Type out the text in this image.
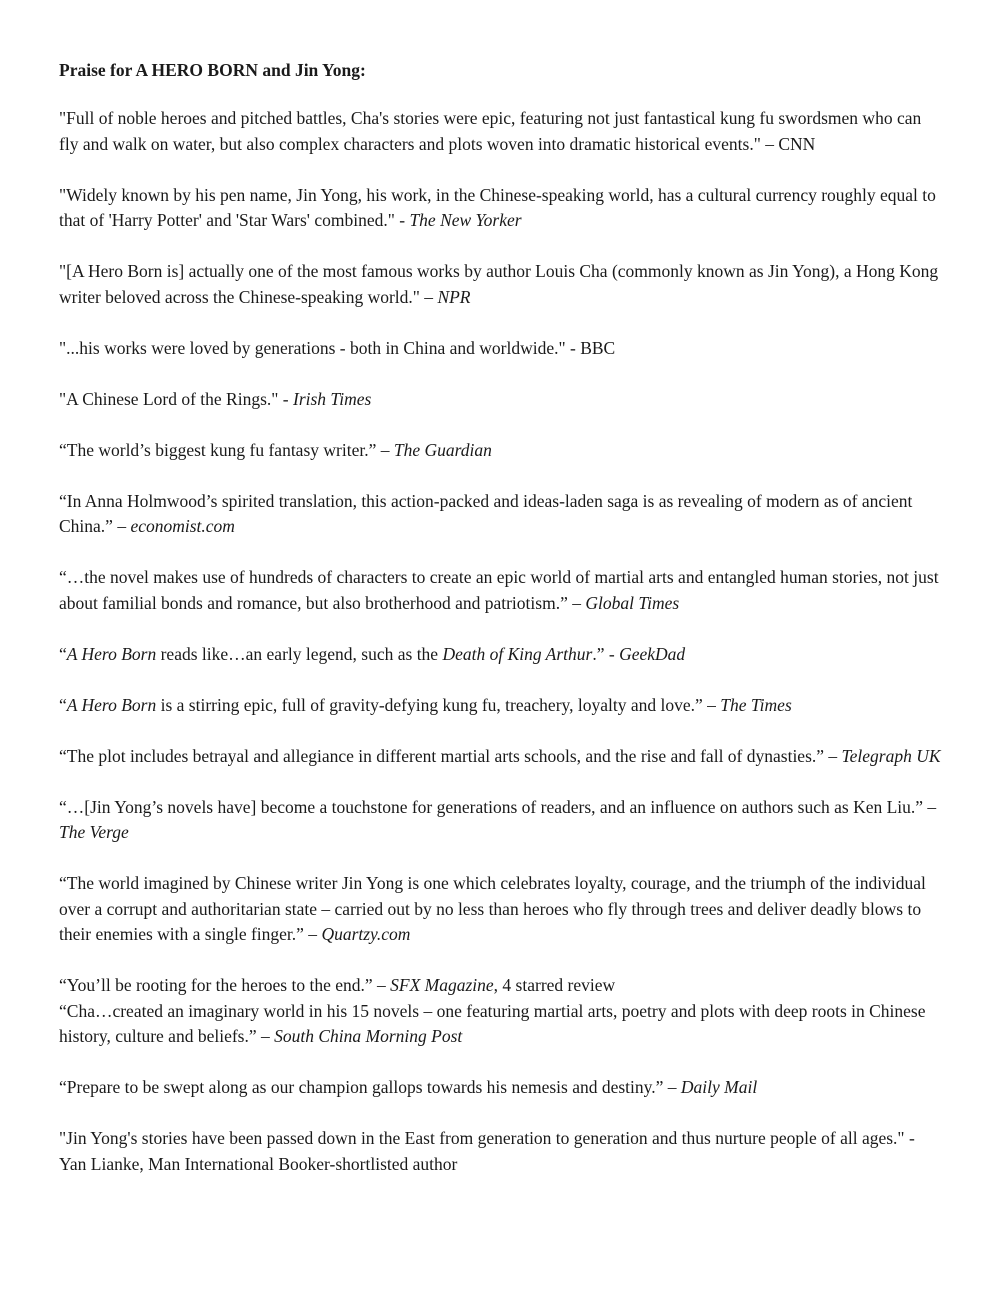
Praise for A HERO BORN and Jin Yong:

"Full of noble heroes and pitched battles, Cha's stories were epic, featuring not just fantastical kung fu swordsmen who can fly and walk on water, but also complex characters and plots woven into dramatic historical events." – CNN

"Widely known by his pen name, Jin Yong, his work, in the Chinese-speaking world, has a cultural currency roughly equal to that of 'Harry Potter' and 'Star Wars' combined." - The New Yorker

"[A Hero Born is] actually one of the most famous works by author Louis Cha (commonly known as Jin Yong), a Hong Kong writer beloved across the Chinese-speaking world." – NPR

"...his works were loved by generations - both in China and worldwide." - BBC

"A Chinese Lord of the Rings." - Irish Times

“The world’s biggest kung fu fantasy writer.” – The Guardian

“In Anna Holmwood’s spirited translation, this action-packed and ideas-laden saga is as revealing of modern as of ancient China.” – economist.com

“…the novel makes use of hundreds of characters to create an epic world of martial arts and entangled human stories, not just about familial bonds and romance, but also brotherhood and patriotism.” – Global Times

“A Hero Born reads like…an early legend, such as the Death of King Arthur.” - GeekDad

“A Hero Born is a stirring epic, full of gravity-defying kung fu, treachery, loyalty and love.” – The Times

“The plot includes betrayal and allegiance in different martial arts schools, and the rise and fall of dynasties.” – Telegraph UK

“…[Jin Yong’s novels have] become a touchstone for generations of readers, and an influence on authors such as Ken Liu.” – The Verge

“The world imagined by Chinese writer Jin Yong is one which celebrates loyalty, courage, and the triumph of the individual over a corrupt and authoritarian state – carried out by no less than heroes who fly through trees and deliver deadly blows to their enemies with a single finger.” – Quartzy.com

“You’ll be rooting for the heroes to the end.” – SFX Magazine, 4 starred review

“Cha…created an imaginary world in his 15 novels – one featuring martial arts, poetry and plots with deep roots in Chinese history, culture and beliefs.” – South China Morning Post

“Prepare to be swept along as our champion gallops towards his nemesis and destiny.” – Daily Mail

"Jin Yong's stories have been passed down in the East from generation to generation and thus nurture people of all ages." - Yan Lianke, Man International Booker-shortlisted author
